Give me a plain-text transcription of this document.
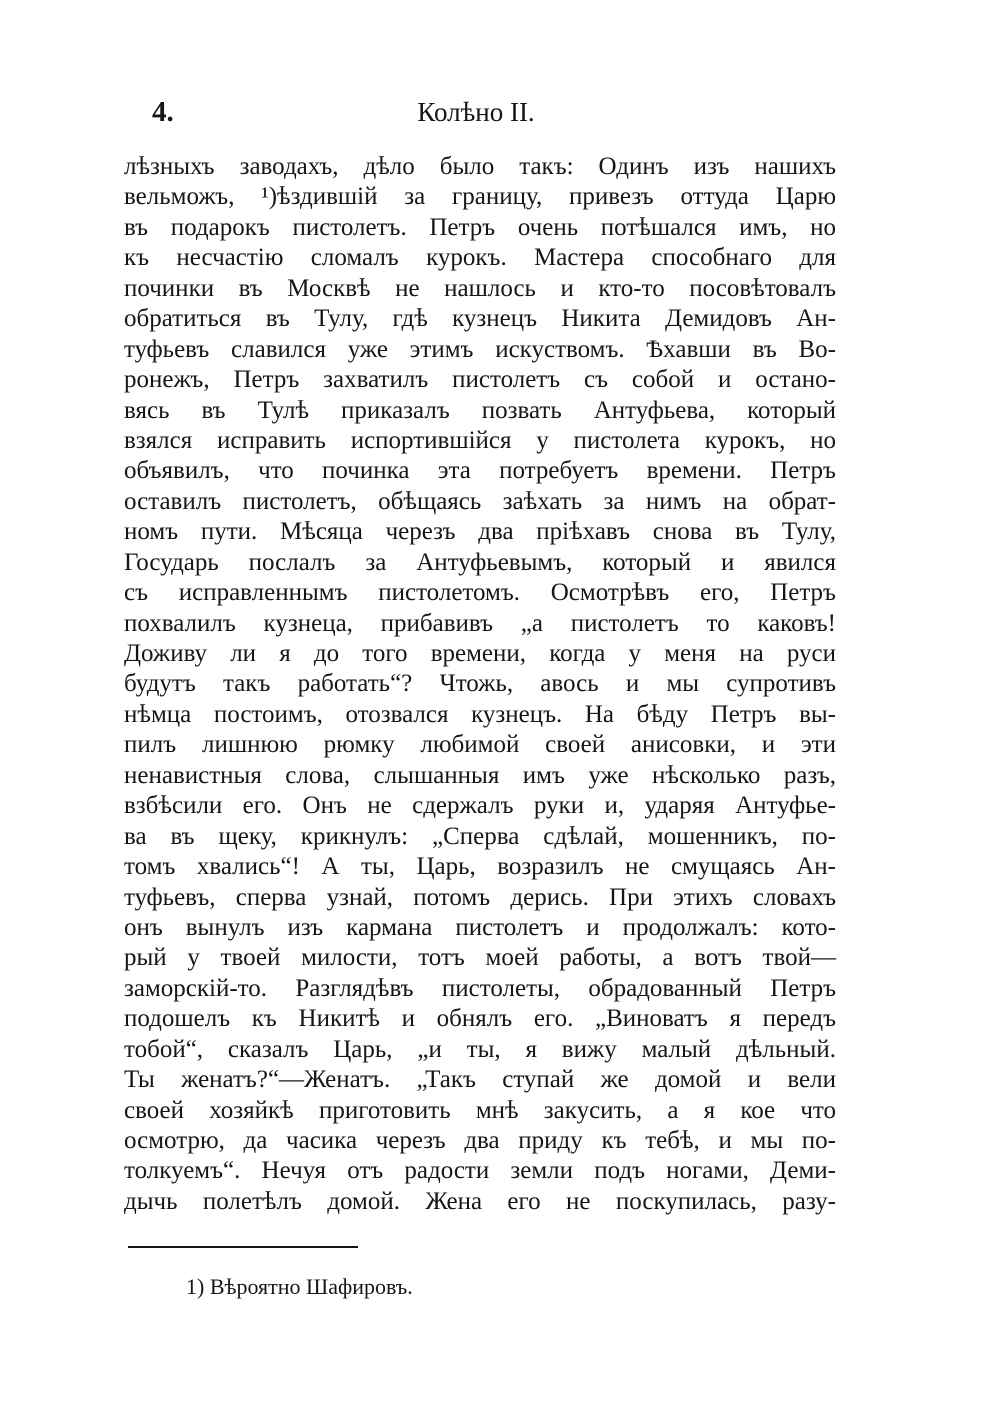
4.	Колѣно II.
лѣзныхъ заводахъ, дѣло было такъ: Одинъ изъ нашихъ
вельможъ, ¹)ѣздившій за границу, привезъ оттуда Царю
въ подарокъ пистолетъ. Петръ очень потѣшался имъ, но
къ несчастію сломалъ курокъ. Мастера способнаго для
починки въ Москвѣ не нашлось и кто-то посовѣтовалъ
обратиться въ Тулу, гдѣ кузнецъ Никита Демидовъ Ан-
туфьевъ славился уже этимъ искуствомъ. Ѣхавши въ Во-
ронежъ, Петръ захватилъ пистолетъ съ собой и остано-
вясь въ Тулѣ приказалъ позвать Антуфьева, который
взялся исправить испортившійся у пистолета курокъ, но
объявилъ, что починка эта потребуетъ времени. Петръ
оставилъ пистолетъ, обѣщаясь заѣхать за нимъ на обрат-
номъ пути. Мѣсяца черезъ два пріѣхавъ снова въ Тулу,
Государь послалъ за Антуфьевымъ, который и явился
съ исправленнымъ пистолетомъ. Осмотрѣвъ его, Петръ
похвалилъ кузнеца, прибавивъ „а пистолетъ то каковъ!
Доживу ли я до того времени, когда у меня на руси
будутъ такъ работать“? Чтожь, авось и мы супротивъ
нѣмца постоимъ, отозвался кузнецъ. На бѣду Петръ вы-
пилъ лишнюю рюмку любимой своей анисовки, и эти
ненавистныя слова, слышанныя имъ уже нѣсколько разъ,
взбѣсили его. Онъ не сдержалъ руки и, ударяя Антуфье-
ва въ щеку, крикнулъ: „Сперва сдѣлай, мошенникъ, по-
томъ хвались“! А ты, Царь, возразилъ не смущаясь Ан-
туфьевъ, сперва узнай, потомъ дерись. При этихъ словахъ
онъ вынулъ изъ кармана пистолетъ и продолжалъ: кото-
рый у твоей милости, тотъ моей работы, а вотъ твой—
заморскій-то. Разглядѣвъ пистолеты, обрадованный Петръ
подошелъ къ Никитѣ и обнялъ его. „Виноватъ я передъ
тобой“, сказалъ Царь, „и ты, я вижу малый дѣльный.
Ты женатъ?“—Женатъ. „Такъ ступай же домой и вели
своей хозяйкѣ приготовить мнѣ закусить, а я кое что
осмотрю, да часика черезъ два приду къ тебѣ, и мы по-
толкуемъ“. Нечуя отъ радости земли подъ ногами, Деми-
дычь полетѣлъ домой. Жена его не поскупилась, разу-
1) Вѣроятно Шафировъ.
